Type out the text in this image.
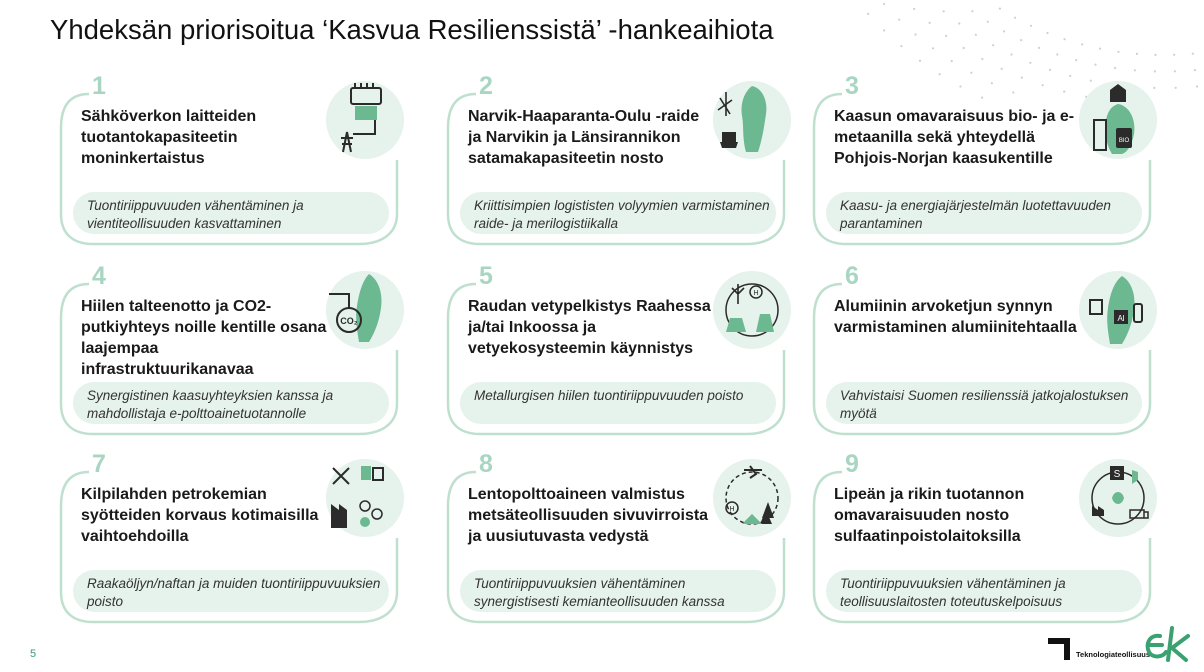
Yhdeksän priorisoitua ‘Kasvua Resilienssistä’ -hankeaihiota
1
Sähköverkon laitteiden tuotantokapasiteetin moninkertaistus
Tuontiriippuvuuden vähentäminen ja vientiteollisuuden kasvattaminen
2
Narvik-Haaparanta-Oulu -raide ja Narvikin ja Länsirannikon satamakapasiteetin nosto
Kriittisimpien logististen volyymien varmistaminen raide- ja merilogistiikalla
3
Kaasun omavaraisuus bio- ja e-metaanilla sekä yhteydellä Pohjois-Norjan kaasukentille
Kaasu- ja energiajärjestelmän luotettavuuden parantaminen
BIO
4
Hiilen talteenotto ja CO2-putkiyhteys noille kentille osana laajempaa infrastruktuurikanavaa
Synergistinen kaasuyhteyksien kanssa ja mahdollistaja e-polttoainetuotannolle
CO₂
5
Raudan vetypelkistys Raahessa ja/tai Inkoossa ja vetyekosysteemin käynnistys
Metallurgisen hiilen tuontiriippuvuuden poisto
H
6
Alumiinin arvoketjun synnyn varmistaminen alumiinitehtaalla
Vahvistaisi Suomen resilienssiä jatkojalostuksen myötä
Al
7
Kilpilahden petrokemian syötteiden korvaus kotimaisilla vaihtoehdoilla
Raakaöljyn/naftan ja muiden tuontiriippuvuuksien poisto
8
Lentopolttoaineen valmistus metsäteollisuuden sivuvirroista ja uusiutuvasta vedystä
Tuontiriippuvuuksien vähentäminen synergistisesti kemianteollisuuden kanssa
H
9
Lipeän ja rikin tuotannon omavaraisuuden nosto sulfaatinpoistolaitoksilla
Tuontiriippuvuuksien vähentäminen ja teollisuuslaitosten toteutuskelpoisuus
S
5	Teknologiateollisuus
